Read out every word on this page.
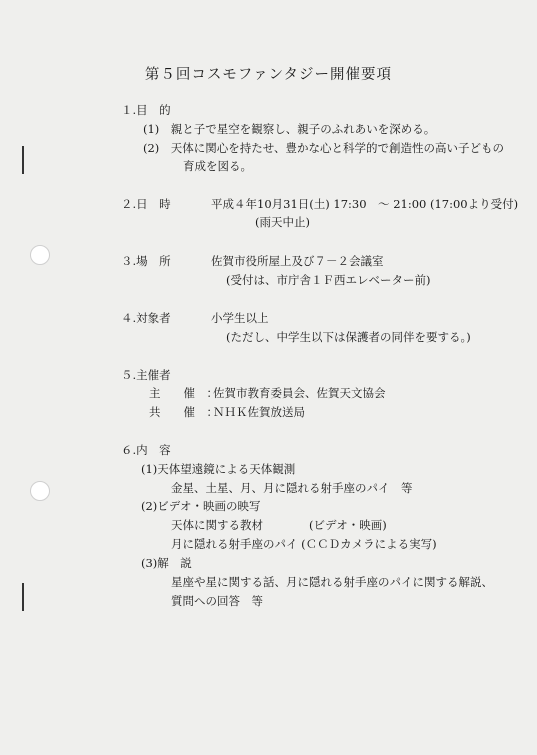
第５回コスモファンタジー開催要項
１.目　的
(1)　親と子で星空を観察し、親子のふれあいを深める。
(2)　天体に関心を持たせ、豊かな心と科学的で創造性の高い子どもの
育成を図る。
２.日　時	平成４年10月31日(土) 17:30　～ 21:00 (17:00より受付)
(雨天中止)
３.場　所	佐賀市役所屋上及び７－２会議室
(受付は、市庁舎１Ｆ西エレベーター前)
４.対象者	小学生以上
(ただし、中学生以下は保護者の同伴を要する。)
５.主催者
主　　催　：
佐賀市教育委員会、佐賀天文協会
共　　催　：
ＮＨＫ佐賀放送局
６.内　容
(1)天体望遠鏡による天体観測
金星、土星、月、月に隠れる射手座のパイ　等
(2)ビデオ・映画の映写
天体に関する教材　　　　(ビデオ・映画)
月に隠れる射手座のパイ (ＣＣＤカメラによる実写)
(3)解　説
星座や星に関する話、月に隠れる射手座のパイに関する解説、
質問への回答　等
